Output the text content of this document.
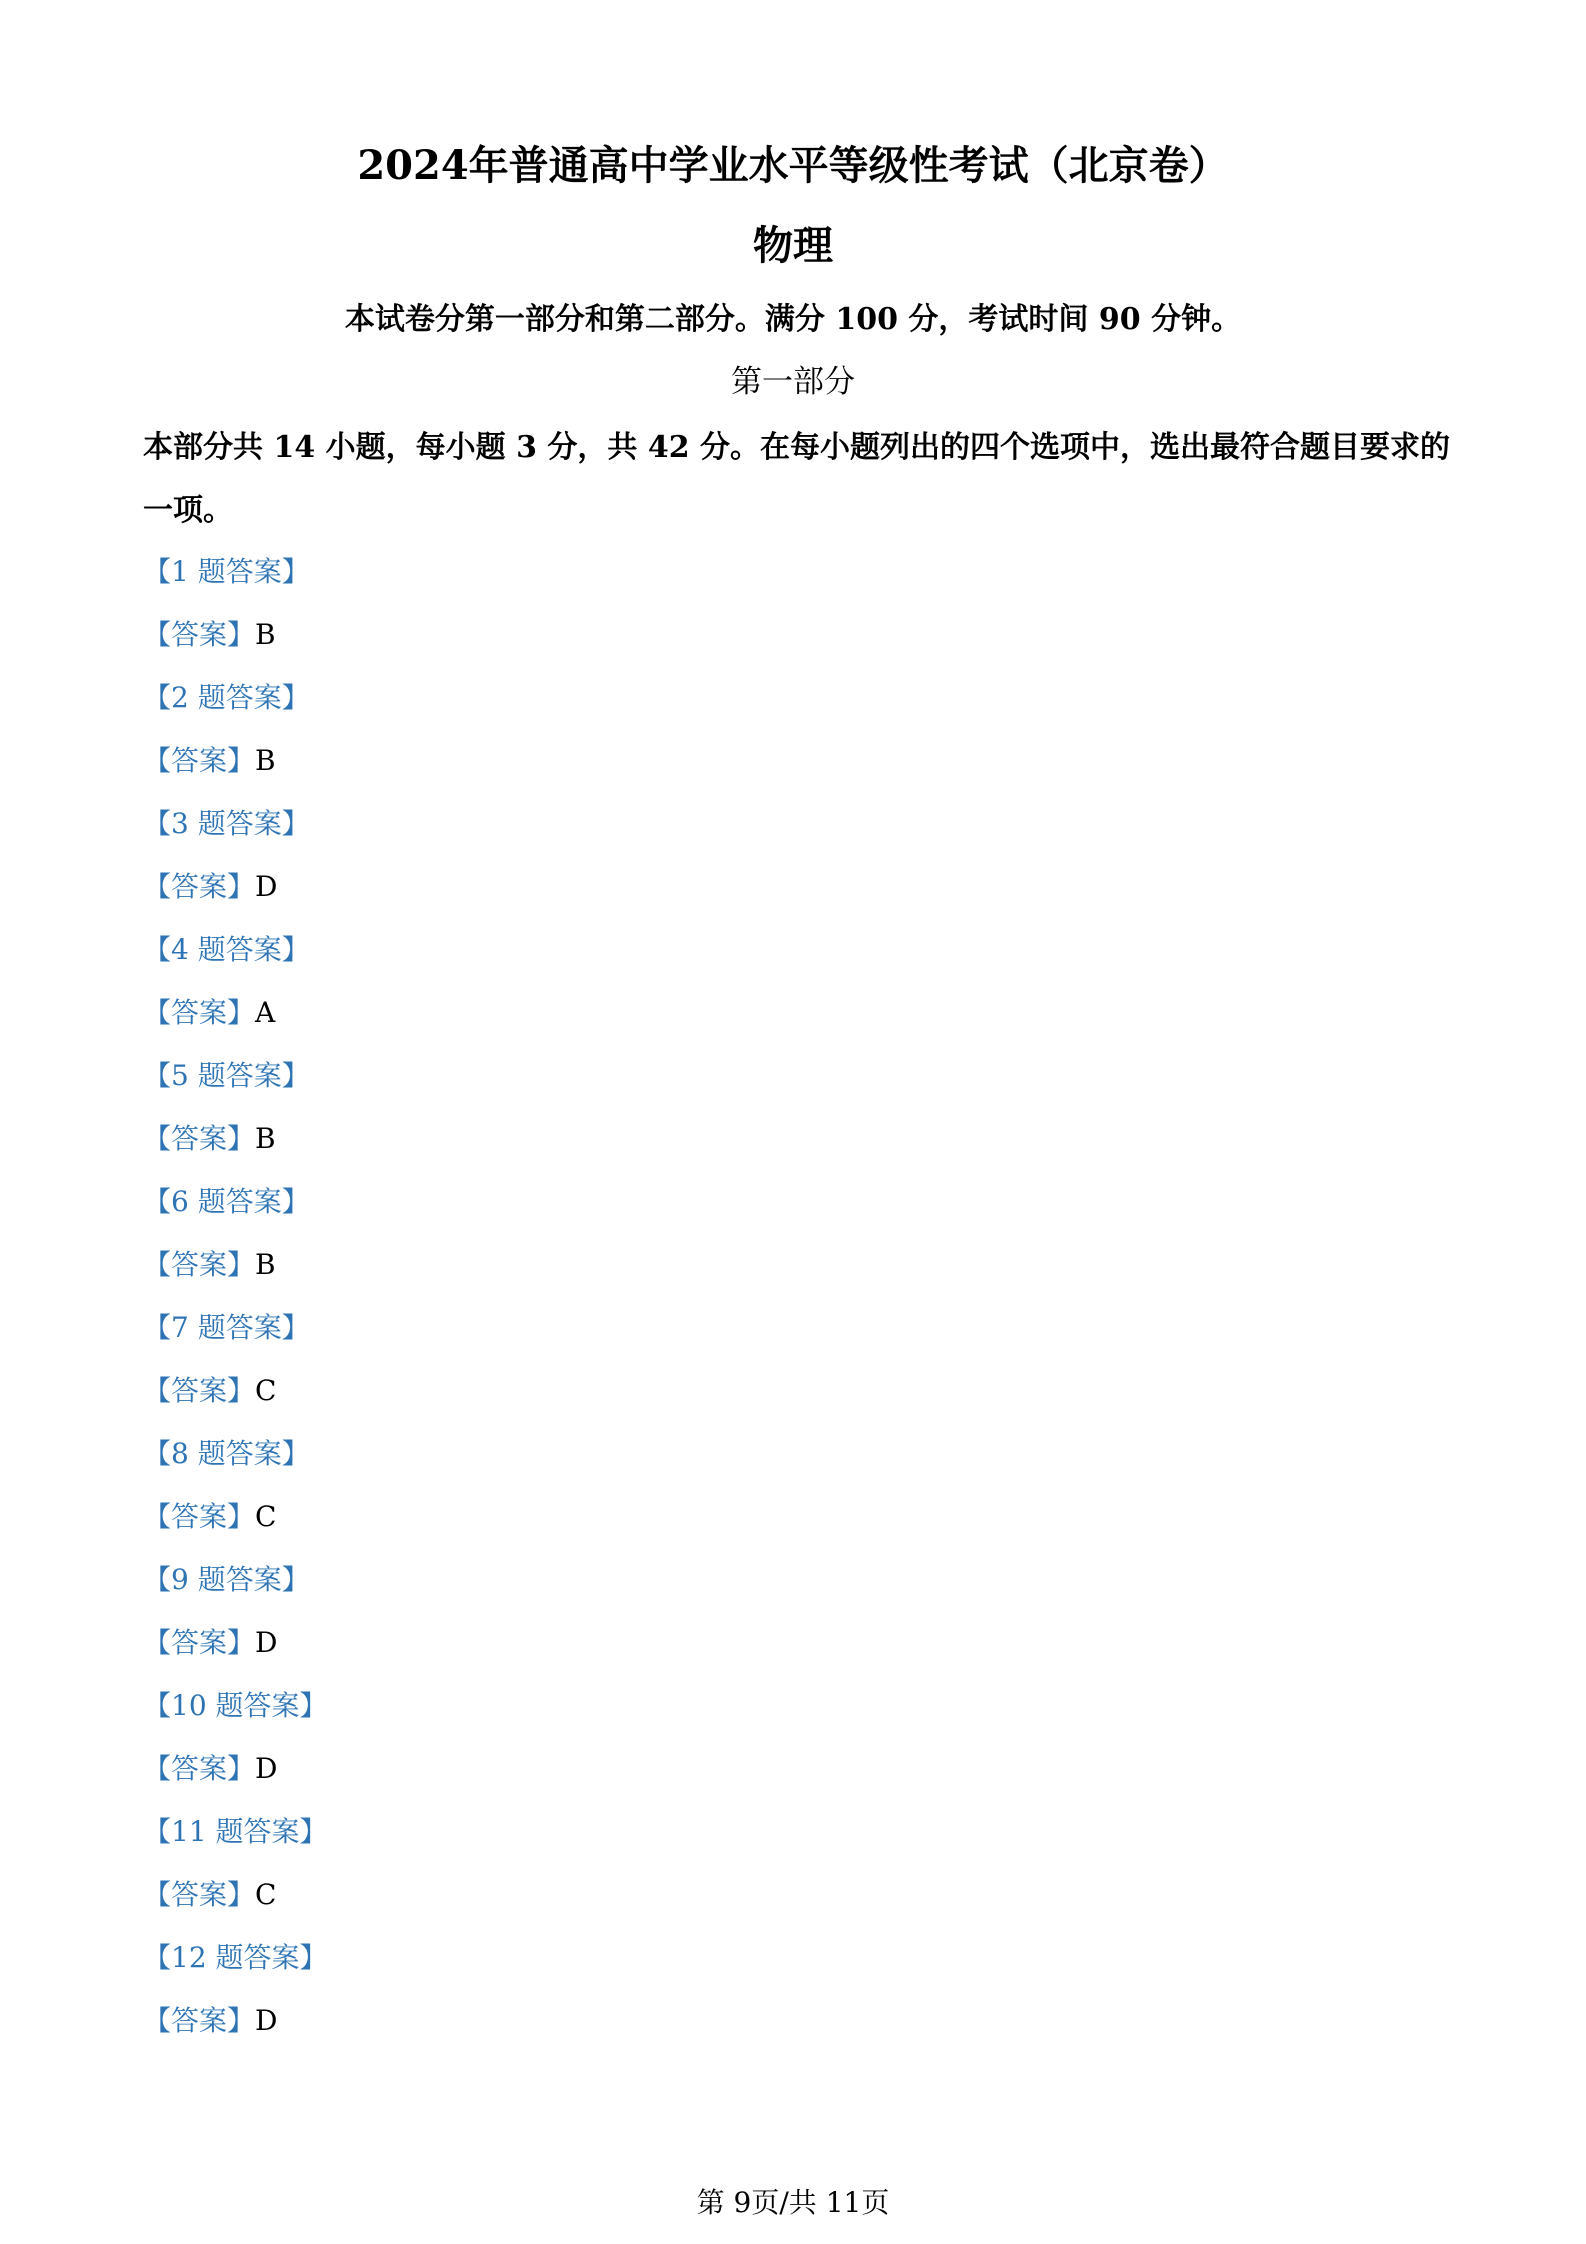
2024年普通高中学业水平等级性考试（北京卷）
物理
本试卷分第一部分和第二部分。满分 100 分，考试时间 90 分钟。
第一部分
本部分共 14 小题，每小题 3 分，共 42 分。在每小题列出的四个选项中，选出最符合题目要求的一项。
【1 题答案】
【答案】B
【2 题答案】
【答案】B
【3 题答案】
【答案】D
【4 题答案】
【答案】A
【5 题答案】
【答案】B
【6 题答案】
【答案】B
【7 题答案】
【答案】C
【8 题答案】
【答案】C
【9 题答案】
【答案】D
【10 题答案】
【答案】D
【11 题答案】
【答案】C
【12 题答案】
【答案】D
第 9页/共 11页
